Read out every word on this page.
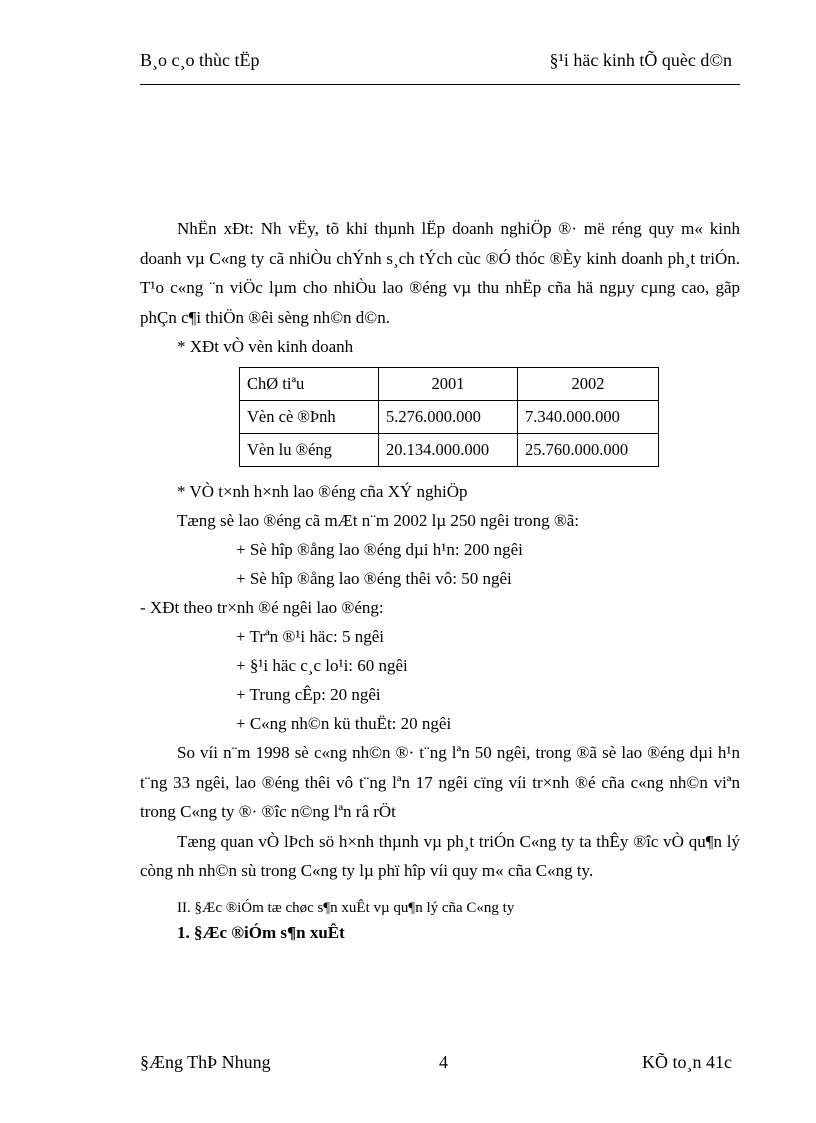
B¸o c¸o thùc tËp	§¹i häc kinh tÕ quèc d©n

NhËn xÐt: Nh vËy, tõ khi thµnh lËp doanh nghiÖp ®· më réng quy m« kinh doanh vµ C«ng ty cã nhiÒu chÝnh s¸ch tÝch cùc ®Ó thóc ®Èy kinh doanh ph¸t triÓn. T¹o c«ng ¨n viÖc lµm cho nhiÒu lao ®éng vµ thu nhËp cña hä ngµy cµng cao, gãp phÇn c¶i thiÖn ®êi sèng nh©n d©n.

* XÐt vÒ vèn kinh doanh

ChØ tiªu	2001	2002
Vèn cè ®Þnh	5.276.000.000	7.340.000.000
Vèn lu ®éng	20.134.000.000	25.760.000.000

* VÒ t×nh h×nh lao ®éng cña XÝ nghiÖp

Tæng sè lao ®éng cã mÆt n¨m 2002 lµ 250 ngêi trong ®ã:

+ Sè hîp ®ång lao ®éng dµi h¹n: 200 ngêi

+ Sè hîp ®ång lao ®éng thêi vô: 50 ngêi

- XÐt theo tr×nh ®é ngêi lao ®éng:

+ Trªn ®¹i häc: 5 ngêi

+ §¹i häc c¸c lo¹i: 60 ngêi

+ Trung cÊp: 20 ngêi

+ C«ng nh©n kü thuËt: 20 ngêi

So víi n¨m 1998 sè c«ng nh©n ®· t¨ng lªn 50 ngêi, trong ®ã sè lao ®éng dµi h¹n t¨ng 33 ngêi, lao ®éng thêi vô t¨ng lªn 17 ngêi cïng víi tr×nh ®é cña c«ng nh©n viªn trong C«ng ty ®· ®îc n©ng lªn râ rÖt

Tæng quan vÒ lÞch sö h×nh thµnh vµ ph¸t triÓn C«ng ty ta thÊy ®îc vÒ qu¶n lý còng nh nh©n sù trong C«ng ty lµ phï hîp víi quy m« cña C«ng ty.

II. §Æc ®iÓm tæ chøc s¶n xuÊt vµ qu¶n lý cña C«ng ty

1. §Æc ®iÓm s¶n xuÊt

§Æng ThÞ Nhung	4	KÕ to¸n 41c
